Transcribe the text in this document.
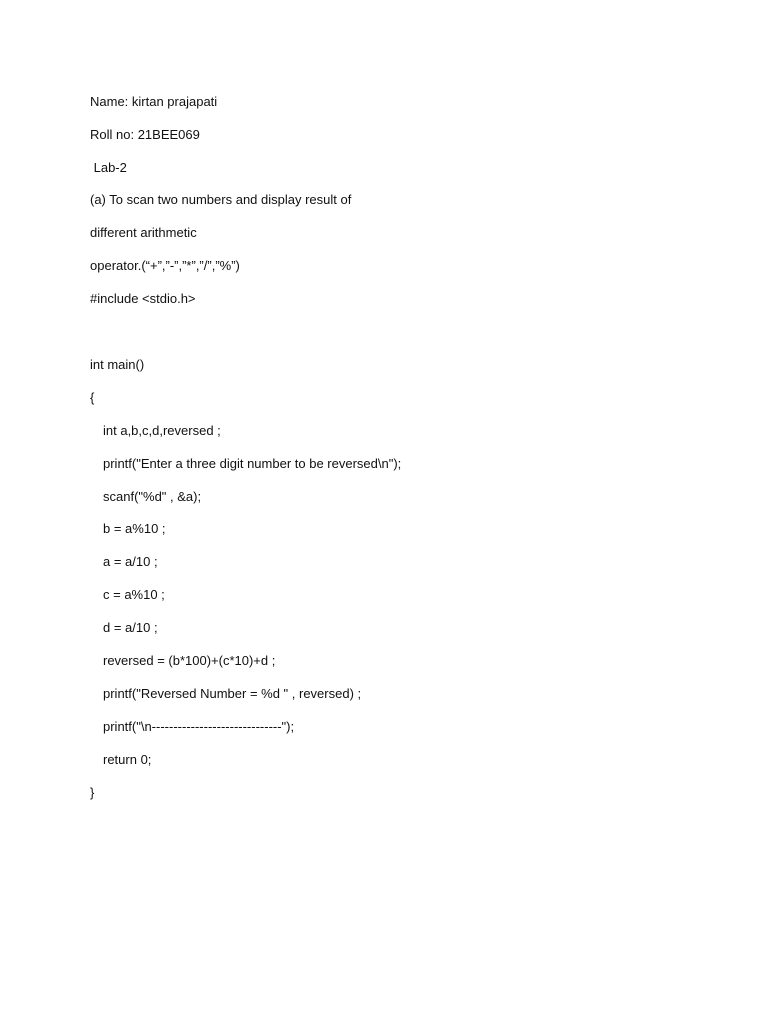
Name: kirtan prajapati

Roll no: 21BEE069

Lab-2

(a) To scan two numbers and display result of

different arithmetic

operator.(“+”,”-”,”*”,”/”,”%”)

#include <stdio.h>

int main()

{

int a,b,c,d,reversed ;

printf("Enter a three digit number to be reversed\n");

scanf("%d" , &a);

b = a%10 ;

a = a/10 ;

c = a%10 ;

d = a/10 ;

reversed = (b*100)+(c*10)+d ;

printf("Reversed Number = %d " , reversed) ;

printf("\n------------------------------");

return 0;

}
